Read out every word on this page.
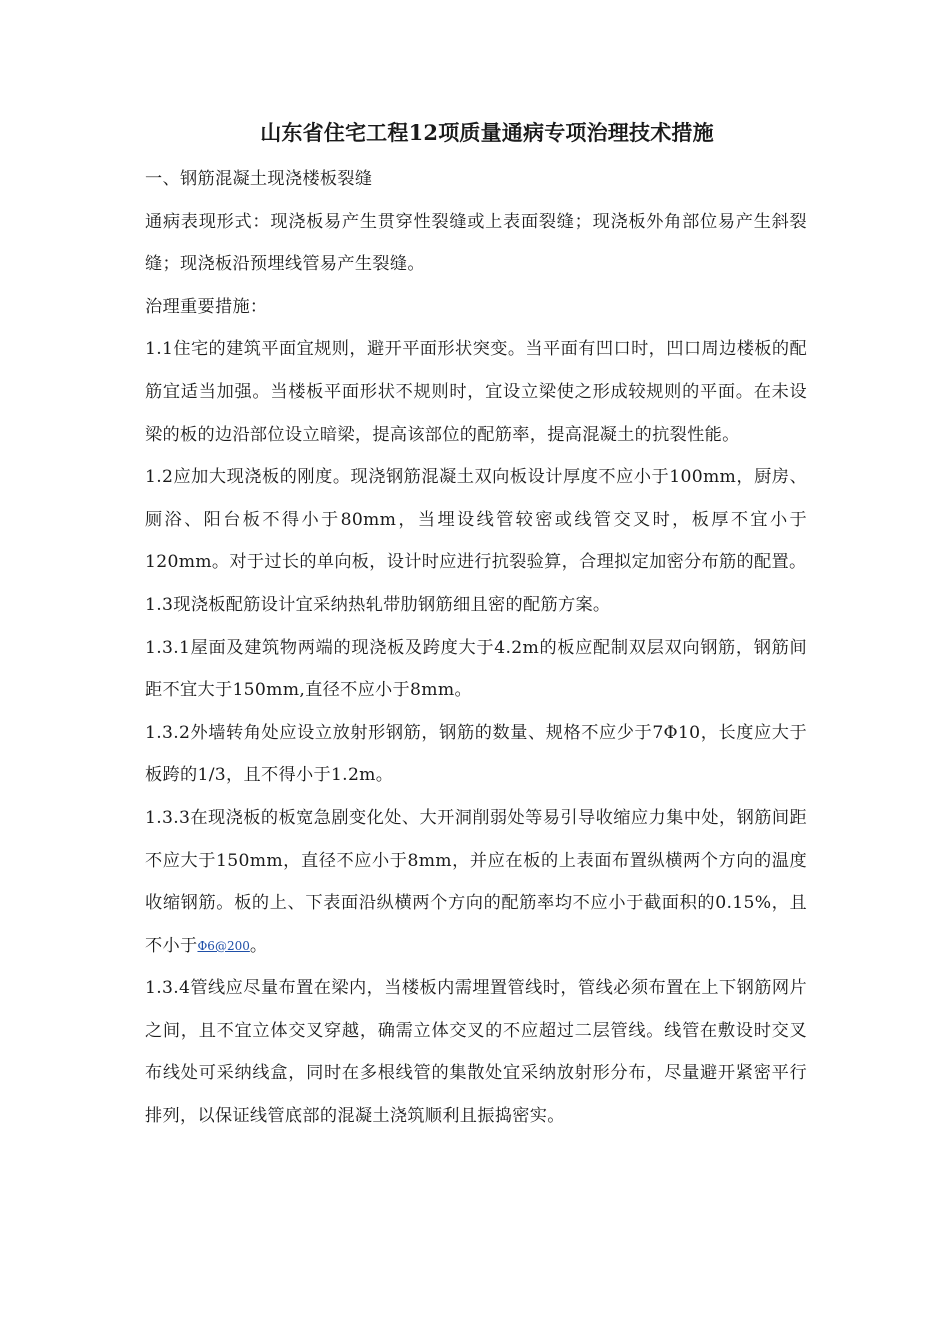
山东省住宅工程12项质量通病专项治理技术措施

一、钢筋混凝土现浇楼板裂缝

通病表现形式：现浇板易产生贯穿性裂缝或上表面裂缝；现浇板外角部位易产生斜裂缝；现浇板沿预埋线管易产生裂缝。

治理重要措施：

1.1住宅的建筑平面宜规则，避开平面形状突变。当平面有凹口时，凹口周边楼板的配筋宜适当加强。当楼板平面形状不规则时，宜设立梁使之形成较规则的平面。在未设梁的板的边沿部位设立暗梁，提高该部位的配筋率，提高混凝土的抗裂性能。

1.2应加大现浇板的刚度。现浇钢筋混凝土双向板设计厚度不应小于100mm，厨房、厕浴、阳台板不得小于80mm，当埋设线管较密或线管交叉时，板厚不宜小于120mm。对于过长的单向板，设计时应进行抗裂验算，合理拟定加密分布筋的配置。

1.3现浇板配筋设计宜采纳热轧带肋钢筋细且密的配筋方案。

1.3.1屋面及建筑物两端的现浇板及跨度大于4.2m的板应配制双层双向钢筋，钢筋间距不宜大于150mm,直径不应小于8mm。

1.3.2外墙转角处应设立放射形钢筋，钢筋的数量、规格不应少于7Φ10，长度应大于板跨的1/3，且不得小于1.2m。

1.3.3在现浇板的板宽急剧变化处、大开洞削弱处等易引导收缩应力集中处，钢筋间距不应大于150mm，直径不应小于8mm，并应在板的上表面布置纵横两个方向的温度收缩钢筋。板的上、下表面沿纵横两个方向的配筋率均不应小于截面积的0.15%，且不小于Φ6@200。

1.3.4管线应尽量布置在梁内，当楼板内需埋置管线时，管线必须布置在上下钢筋网片之间，且不宜立体交叉穿越，确需立体交叉的不应超过二层管线。线管在敷设时交叉布线处可采纳线盒，同时在多根线管的集散处宜采纳放射形分布，尽量避开紧密平行排列，以保证线管底部的混凝土浇筑顺利且振捣密实。
